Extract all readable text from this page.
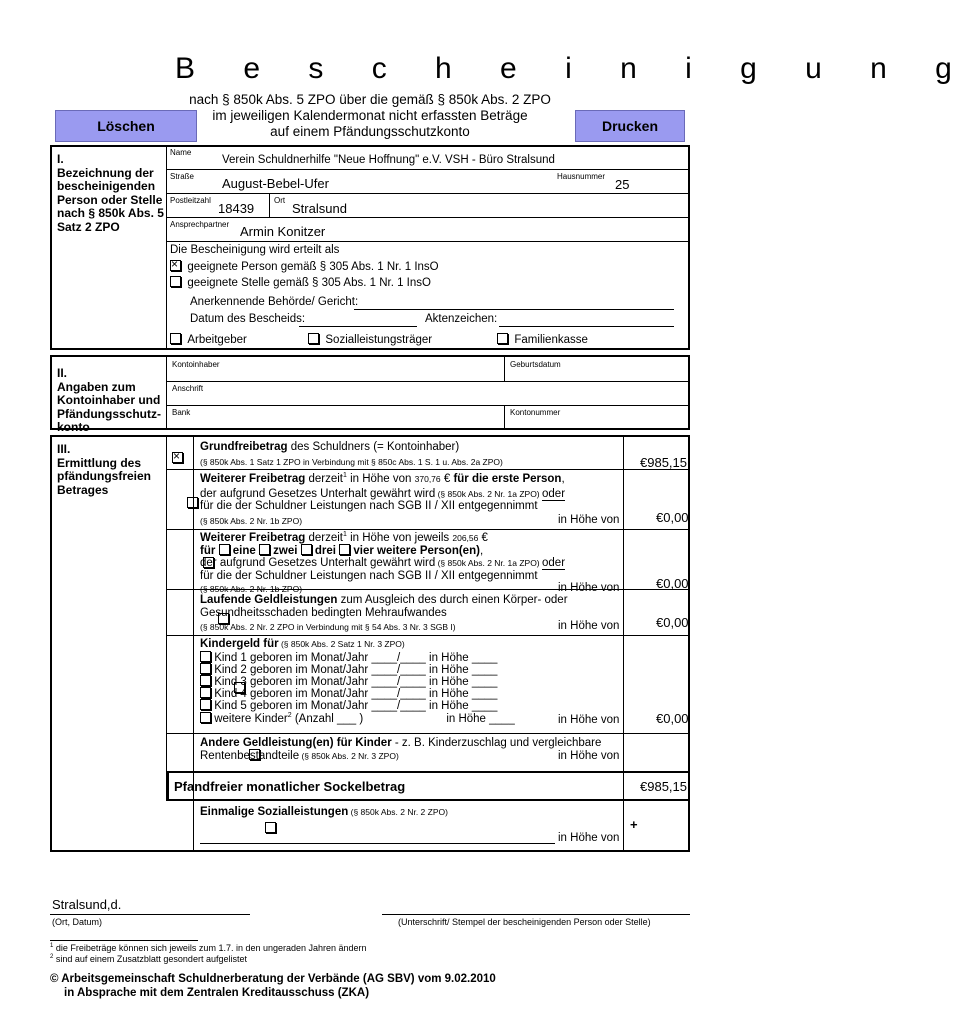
B e s c h e i n i g u n g
nach § 850k Abs. 5 ZPO über die gemäß § 850k Abs. 2 ZPO
im jeweiligen Kalendermonat nicht erfassten Beträge
auf einem Pfändungsschutzkonto
Löschen	Drucken
I.
Bezeichnung der
bescheinigenden
Person oder Stelle
nach § 850k Abs. 5
Satz 2 ZPO
Name
Verein Schuldnerhilfe "Neue Hoffnung" e.V. VSH - Büro Stralsund
Straße August-Bebel-Ufer	Hausnummer
25
Postleitzahl
18439
Ort
Stralsund
Ansprechpartner Armin Konitzer
Die Bescheinigung wird erteilt als
×  geeignete Person gemäß § 305 Abs. 1 Nr. 1 InsO
geeignete Stelle gemäß § 305 Abs. 1 Nr. 1 InsO
Anerkennende Behörde/ Gericht:
Datum des Bescheids:	Aktenzeichen:
Arbeitgeber	Sozialleistungsträger	Familienkasse
II.
Angaben zum
Kontoinhaber und
Pfändungsschutz-
konto
Kontoinhaber	Geburtsdatum
Anschrift
Bank	Kontonummer
III.
Ermittlung des
pfändungsfreien
Betrages
×
Grundfreibetrag des Schuldners (= Kontoinhaber)
(§ 850k Abs. 1 Satz 1 ZPO in Verbindung mit § 850c Abs. 1 S. 1 u. Abs. 2a ZPO)	€985,15

Weiterer Freibetrag derzeit$^1$ in Höhe von 370,76 € für die erste Person,
der aufgrund Gesetzes Unterhalt gewährt wird (§ 850k Abs. 2 Nr. 1a ZPO) oder
für die der Schuldner Leistungen nach SGB II / XII entgegennimmt
(§ 850k Abs. 2 Nr. 1b ZPO)	in Höhe von	€0,00

Weiterer Freibetrag derzeit$^1$ in Höhe von jeweils 206,56 €
für eine zwei drei vier weitere Person(en),
der aufgrund Gesetzes Unterhalt gewährt wird (§ 850k Abs. 2 Nr. 1a ZPO) oder
für die der Schuldner Leistungen nach SGB II / XII entgegennimmt
(§ 850k Abs. 2 Nr. 1b ZPO)	in Höhe von	€0,00

Laufende Geldleistungen zum Ausgleich des durch einen Körper- oder
Gesundheitsschaden bedingten Mehraufwandes
(§ 850k Abs. 2 Nr. 2 ZPO in Verbindung mit § 54 Abs. 3 Nr. 3 SGB I)	in Höhe von	€0,00

Kindergeld für (§ 850k Abs. 2 Satz 1 Nr. 3 ZPO)
Kind 1 geboren im Monat/Jahr ____/____ in Höhe ____
Kind 2 geboren im Monat/Jahr ____/____ in Höhe ____
Kind 3 geboren im Monat/Jahr ____/____ in Höhe ____
Kind 4 geboren im Monat/Jahr ____/____ in Höhe ____
Kind 5 geboren im Monat/Jahr ____/____ in Höhe ____
weitere Kinder$^2$ (Anzahl ___ )	in Höhe ____	in Höhe von	€0,00

Andere Geldleistung(en) für Kinder - z. B. Kinderzuschlag und vergleichbare
Rentenbestandteile (§ 850k Abs. 2 Nr. 3 ZPO)	in Höhe von
Pfandfreier monatlicher Sockelbetrag	€985,15
Einmalige Sozialleistungen (§ 850k Abs. 2 Nr. 2 ZPO)
in Höhe von
+
Stralsund,d.
(Ort, Datum)	(Unterschrift/ Stempel der bescheinigenden Person oder Stelle)
$^1$ die Freibeträge können sich jeweils zum 1.7. in den ungeraden Jahren ändern
$^2$ sind auf einem Zusatzblatt gesondert aufgelistet
© Arbeitsgemeinschaft Schuldnerberatung der Verbände (AG SBV) vom 9.02.2010
in Absprache mit dem Zentralen Kreditausschuss (ZKA)
